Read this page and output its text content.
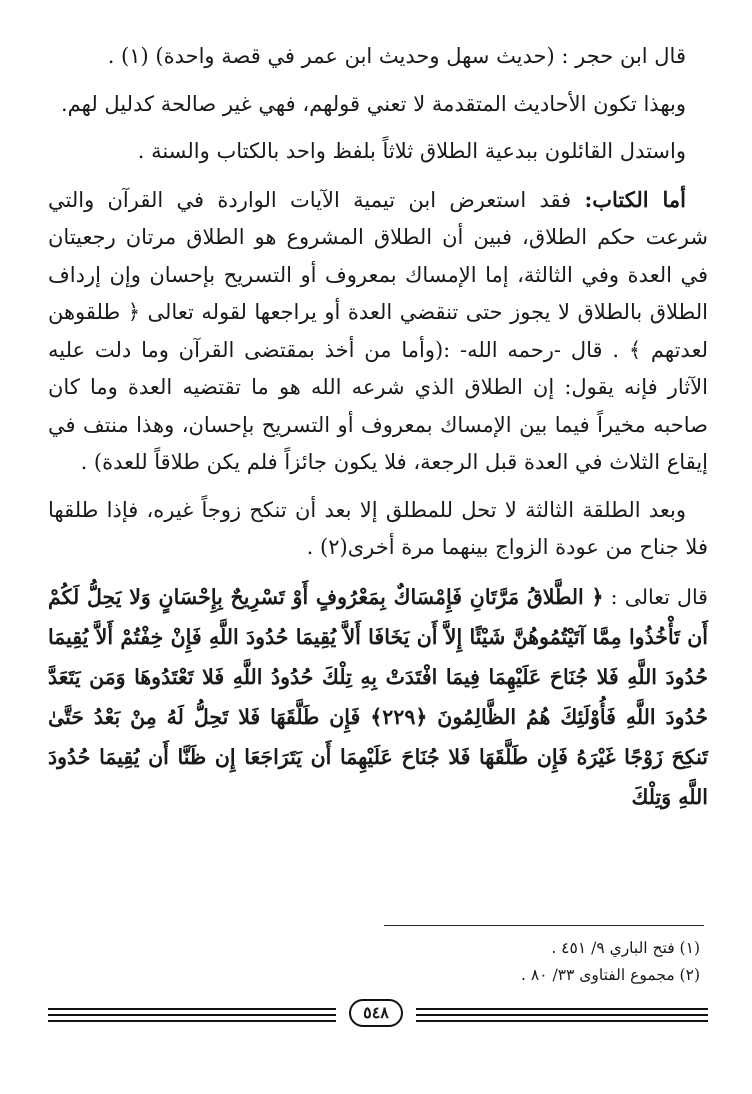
قال ابن حجر : (حديث سهل وحديث ابن عمر في قصة واحدة) (١) .

وبهذا تكون الأحاديث المتقدمة لا تعني قولهم، فهي غير صالحة كدليل لهم.

واستدل القائلون ببدعية الطلاق ثلاثاً بلفظ واحد بالكتاب والسنة .

أما الكتاب: فقد استعرض ابن تيمية الآيات الواردة في القرآن والتي شرعت حكم الطلاق، فبين أن الطلاق المشروع هو الطلاق مرتان رجعيتان في العدة وفي الثالثة، إما الإمساك بمعروف أو التسريح بإحسان وإن إرداف الطلاق بالطلاق لا يجوز حتى تنقضي العدة أو يراجعها لقوله تعالى ﴿ طلقوهن لعدتهم ﴾ . قال -رحمه الله- :(وأما من أخذ بمقتضى القرآن وما دلت عليه الآثار فإنه يقول: إن الطلاق الذي شرعه الله هو ما تقتضيه العدة وما كان صاحبه مخيراً فيما بين الإمساك بمعروف أو التسريح بإحسان، وهذا منتف في إيقاع الثلاث في العدة قبل الرجعة، فلا يكون جائزاً فلم يكن طلاقاً للعدة) .

وبعد الطلقة الثالثة لا تحل للمطلق إلا بعد أن تنكح زوجاً غيره، فإذا طلقها فلا جناح من عودة الزواج بينهما مرة أخرى(٢) .

قال تعالى : ﴿ الطَّلاقُ مَرَّتَانِ فَإِمْسَاكٌ بِمَعْرُوفٍ أَوْ تَسْرِيحٌ بِإِحْسَانٍ وَلا يَحِلُّ لَكُمْ أَن تَأْخُذُوا مِمَّا آتَيْتُمُوهُنَّ شَيْئًا إِلاَّ أَن يَخَافَا أَلاَّ يُقِيمَا حُدُودَ اللَّهِ فَإِنْ خِفْتُمْ أَلاَّ يُقِيمَا حُدُودَ اللَّهِ فَلا جُنَاحَ عَلَيْهِمَا فِيمَا افْتَدَتْ بِهِ تِلْكَ حُدُودُ اللَّهِ فَلا تَعْتَدُوهَا وَمَن يَتَعَدَّ حُدُودَ اللَّهِ فَأُوْلَئِكَ هُمُ الظَّالِمُونَ ﴿٢٢٩﴾ فَإِن طَلَّقَهَا فَلا تَحِلُّ لَهُ مِنْ بَعْدُ حَتَّىٰ تَنكِحَ زَوْجًا غَيْرَهُ فَإِن طَلَّقَهَا فَلا جُنَاحَ عَلَيْهِمَا أَن يَتَرَاجَعَا إِن ظَنَّا أَن يُقِيمَا حُدُودَ اللَّهِ وَتِلْكَ

(١) فتح الباري ٩/ ٤٥١ .
(٢) مجموع الفتاوى ٣٣/ ٨٠ .
٥٤٨
